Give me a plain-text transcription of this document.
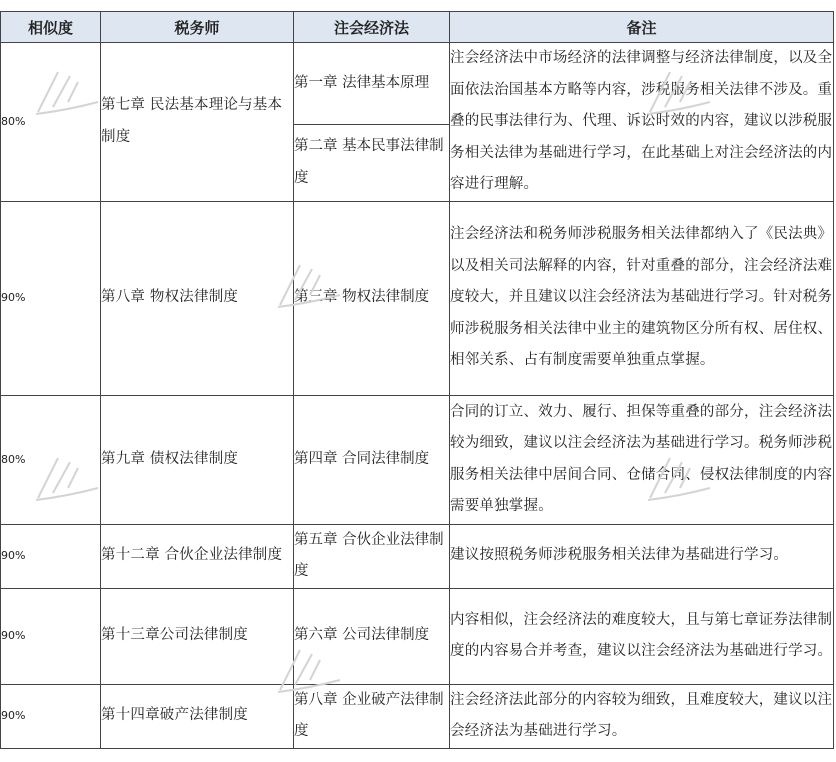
相似度	税务师	注会经济法	备注
80%	第七章 民法基本理论与基本制度	第一章 法律基本原理	注会经济法中市场经济的法律调整与经济法律制度，以及全面依法治国基本方略等内容，涉税服务相关法律不涉及。重叠的民事法律行为、代理、诉讼时效的内容，建议以涉税服务相关法律为基础进行学习，在此基础上对注会经济法的内容进行理解。
		第二章 基本民事法律制度	
90%	第八章 物权法律制度	第三章 物权法律制度	注会经济法和税务师涉税服务相关法律都纳入了《民法典》以及相关司法解释的内容，针对重叠的部分，注会经济法难度较大，并且建议以注会经济法为基础进行学习。针对税务师涉税服务相关法律中业主的建筑物区分所有权、居住权、相邻关系、占有制度需要单独重点掌握。
80%	第九章 债权法律制度	第四章 合同法律制度	合同的订立、效力、履行、担保等重叠的部分，注会经济法较为细致，建议以注会经济法为基础进行学习。税务师涉税服务相关法律中居间合同、仓储合同、侵权法律制度的内容需要单独掌握。
90%	第十二章 合伙企业法律制度	第五章 合伙企业法律制度	建议按照税务师涉税服务相关法律为基础进行学习。
90%	第十三章公司法律制度	第六章 公司法律制度	内容相似，注会经济法的难度较大，且与第七章证券法律制度的内容易合并考查，建议以注会经济法为基础进行学习。
90%	第十四章破产法律制度	第八章 企业破产法律制度	注会经济法此部分的内容较为细致，且难度较大，建议以注会经济法为基础进行学习。
